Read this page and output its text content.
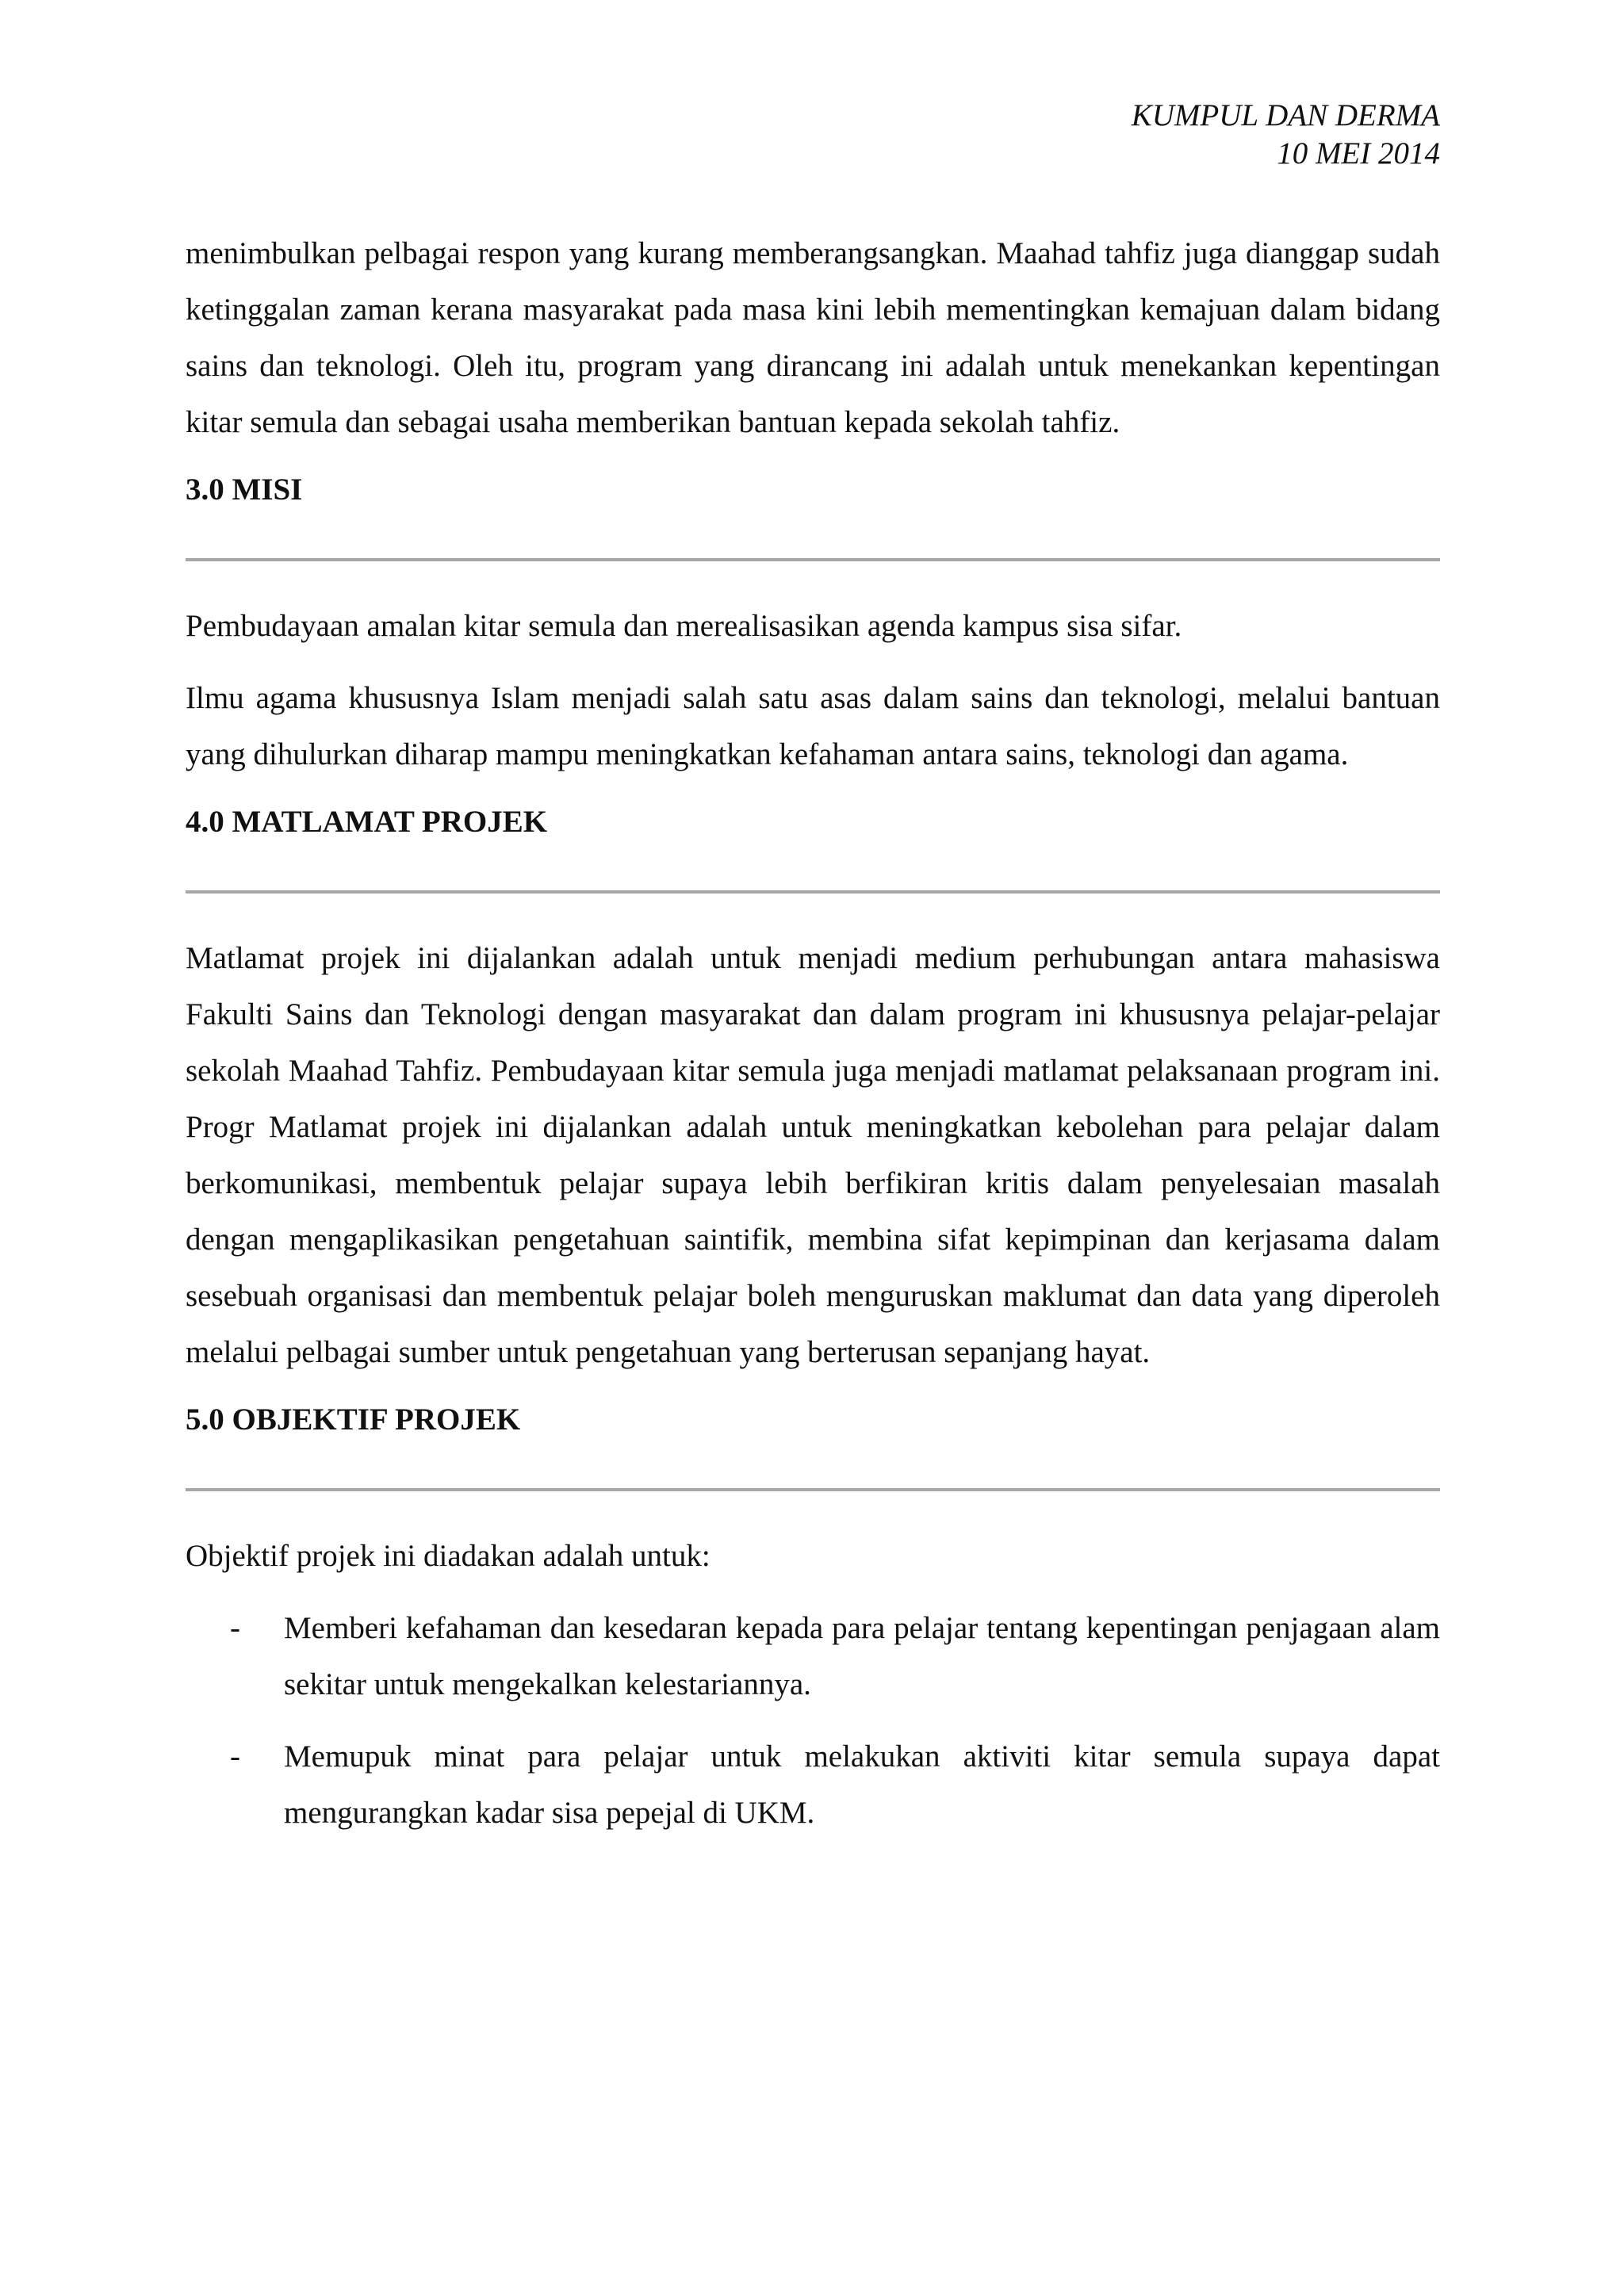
KUMPUL DAN DERMA
10 MEI 2014

menimbulkan pelbagai respon yang kurang memberangsangkan. Maahad tahfiz juga dianggap sudah ketinggalan zaman kerana masyarakat pada masa kini lebih mementingkan kemajuan dalam bidang sains dan teknologi. Oleh itu, program yang dirancang ini adalah untuk menekankan kepentingan kitar semula dan sebagai usaha memberikan bantuan kepada sekolah tahfiz.

3.0 MISI

Pembudayaan amalan kitar semula dan merealisasikan agenda kampus sisa sifar.

Ilmu agama khususnya Islam menjadi salah satu asas dalam sains dan teknologi, melalui bantuan yang dihulurkan diharap mampu meningkatkan kefahaman antara sains, teknologi dan agama.

4.0 MATLAMAT PROJEK

Matlamat projek ini dijalankan adalah untuk menjadi medium perhubungan antara mahasiswa Fakulti Sains dan Teknologi dengan masyarakat dan dalam program ini khususnya pelajar-pelajar sekolah Maahad Tahfiz. Pembudayaan kitar semula juga menjadi matlamat pelaksanaan program ini. Progr Matlamat projek ini dijalankan adalah untuk meningkatkan kebolehan para pelajar dalam berkomunikasi, membentuk pelajar supaya lebih berfikiran kritis dalam penyelesaian masalah dengan mengaplikasikan pengetahuan saintifik, membina sifat kepimpinan dan kerjasama dalam sesebuah organisasi dan membentuk pelajar boleh menguruskan maklumat dan data yang diperoleh melalui pelbagai sumber untuk pengetahuan yang berterusan sepanjang hayat.

5.0 OBJEKTIF PROJEK

Objektif projek ini diadakan adalah untuk:

- Memberi kefahaman dan kesedaran kepada para pelajar tentang kepentingan penjagaan alam sekitar untuk mengekalkan kelestariannya.
- Memupuk minat para pelajar untuk melakukan aktiviti kitar semula supaya dapat mengurangkan kadar sisa pepejal di UKM.
